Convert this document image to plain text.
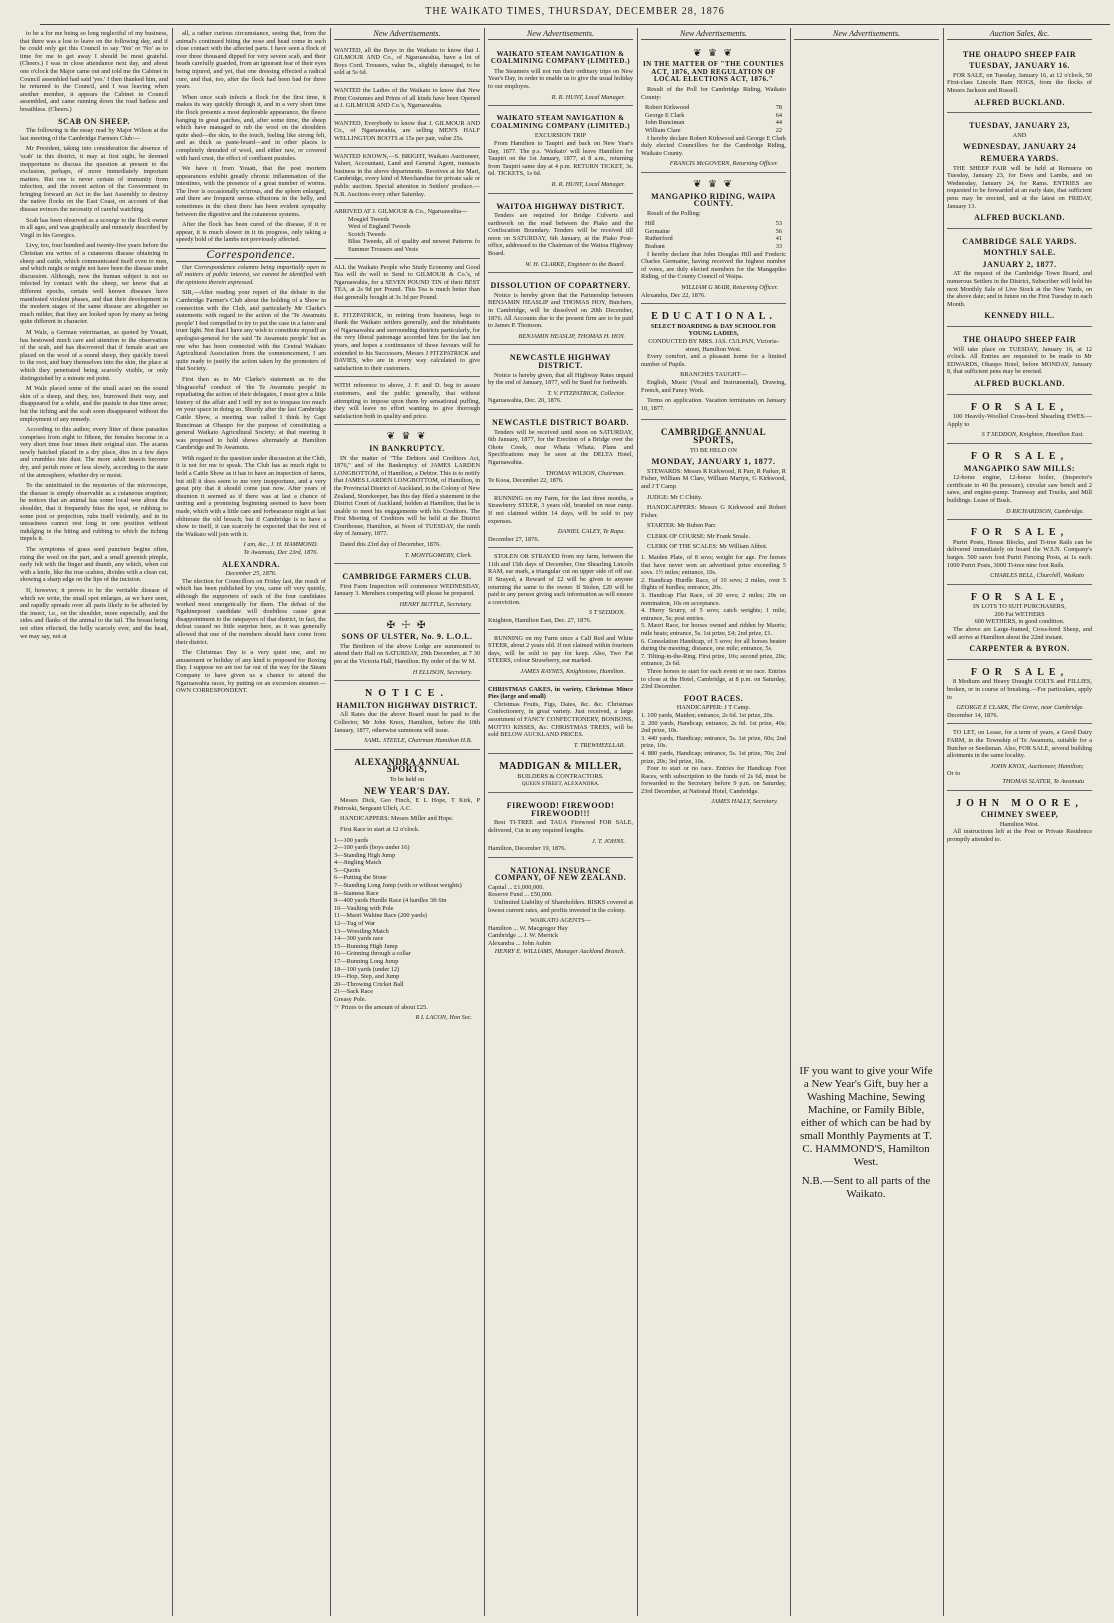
THE WAIKATO TIMES, THURSDAY, DECEMBER 28, 1876

to be a for me being so long neglectful of my business, that there was a lost to leave on the following day, and if he could only get this Council to say 'Yes' or 'No' as to time for me to get away I should be most grateful. (Cheers.) I was in close attendance next day, and about one o'clock the Major came out and told me the Cabinet in Council assembled had said 'yes.' I then thanked him, and he returned to the Council, and I was leaving when another member, it appears the Cabinet in Council assembled, and came running down the road hatless and breathless. (Cheers.)

SCAB ON SHEEP.

The following is the essay read by Major Wilson at the last meeting of the Cambridge Farmers Club:—

Mr President, taking into consideration the absence of 'scab' in this district, it may at first sight, be deemed inopportune to discuss the question at present to the exclusion, perhaps, of more immediately important matters. But one is never certain of immunity from infection, and the recent action of the Government in bringing forward an Act in the last Assembly to destroy the native flocks on the East Coast, on account of that disease evinces the necessity of careful watching.

Scab has been observed as a scourge to the flock owner in all ages, and was graphically and minutely described by Virgil in his Georgics.

Livy, too, four hundred and twenty-five years before the Christian era writes of a cutaneous disease obtaining in sheep and cattle, which communicated itself even to men, and which might or might not have been the disease under discussion. Although, now the human subject is not so infected by contact with the sheep, we know that at different epochs, certain well known diseases have manifested virulent phases, and that their development in the modern stages of the same disease are altogether so much milder, that they are looked upon by many as being quite different in character.

M Walz, a German veterinarian, as quoted by Youatt, has bestowed much care and attention to the observation of the scab, and has discovered that if female acari are placed on the wool of a sound sheep, they quickly travel to the root, and bury themselves into the skin, the place at which they penetrated being scarcely visible, or only distinguished by a minute red point.

M Walz placed some of the small acari on the sound skin of a sheep, and they, too, burrowed their way, and disappeared for a while, and the pustule in due time arose; but the itching and the scab soon disappeared without the employment of any remedy.

According to this author, every litter of these parasites comprises from eight to fifteen, the females become in a very short time four times their original size. The acarus newly hatched placed in a dry place, dies in a few days and crumbles into dust. The more adult insects become dry, and perish more or less slowly, according to the state of the atmosphere, whether dry or moist.

To the uninitiated in the mysteries of the microscope, the disease is simply observable as a cutaneous eruption; he notices that an animal has some local woe about the shoulder, that it frequently bites the spot, or rubbing to some post or projection, rubs itself violently, and in its uneasiness cannot rest long in one position without indulging in the biting and rubbing to which the itching impels it.

The symptoms of grass seed puncture begins often, rising the wool on the part, and a small greenish pimple, early felt with the finger and thumb, any which, when cut with a knife, like the true scabies, divides with a clean cut, showing a sharp edge on the lips of the incision.

If, however, it proves to be the veritable disease of which we write, the small spot enlarges, as we have seen, and rapidly spreads over all parts likely to be affected by the insect, i.e., on the shoulder, more especially, and the sides and flanks of the animal to the tail. The breast being not often effected, the belly scarcely ever, and the head, we may say, not at

all, a rather curious circumstance, seeing that, from the animal's continued biting the nose and head come in such close contact with the affected parts. I have seen a flock of over three thousand dipped for very severe scab, and their heads carefully guarded, from an ignorant fear of their eyes being injured, and yet, that one dressing effected a radical cure, and that, too, after the flock had been bad for three years.

When once scab infects a flock for the first time, it makes its way quickly through it, and in a very short time the flock presents a most deplorable appearance, the fleece hanging in great patches, and, after some time, the sheep which have managed to rub the wool on the shoulders quite shed—the skin, to the touch, feeling like strong felt, and as thick as paste-board—and in other places is completely denuded of wool, and either raw, or covered with hard crust, the effect of confluent pustules.

We have it from Youatt, that the post mortem appearances exhibit greatly chronic inflammation of the intestines, with the presence of a great number of worms. The liver is occasionally scirrous, and the spleen enlarged, and there are frequent serous effusions in the belly, and sometimes in the chest there has been evident sympathy between the digestive and the cutaneous systems.

After the flock has been cured of the disease, if it re appear, it is much slower in it its progress, only taking a speedy hold of the lambs not previously affected.

Correspondence.

Our Correspondence columns being impartially open to all matters of public interest, we cannot be identified with the opinions therein expressed.

SIR,—After reading your report of the debate in the Cambridge Farmer's Club about the holding of a Show in connection with the Club, and particularly Mr Clarke's statements with regard to the action of the 'Te Awamutu people' I feel compelled to try to put the case in a fairer and truer light. Not that I have any wish to constitute myself an apologist-general for the said 'Te Awamutu people' but as one who has been connected with the Central Waikato Agricultural Association from the commencement, I am quite ready to justify the action taken by the promoters of that Society.

First then as to Mr Clarke's statement as to the 'disgraceful' conduct of 'the Te Awamutu people' in repudiating the action of their delegates, I must give a little history of the affair and I will try not to trespass too much on your space in doing so. Shortly after the last Cambridge Cattle Show, a meeting was called I think by Capt Runciman at Ohaupo for the purpose of constituting a general Waikato Agricultural Society; at that meeting it was proposed to hold shows alternately at Hamilton Cambridge and Te Awamutu.

With regard to the question under discussion at the Club, it is not for me to speak. The Club has as much right to hold a Cattle Show as it has to have an inspection of farms, but still it does seem to me very inopportune, and a very great pity that it should come just now. After years of disunion it seemed as if there was at last a chance of uniting and a promising beginning seemed to have been made, which with a little care and forbearance might at last obliterate the old breach; but if Cambridge is to have a show to itself, it can scarcely be expected that the rest of the Waikato will join with it.

I am, &c., J. H. HAMMOND.
Te Awamutu, Dec 23rd, 1876.
ALEXANDRA.
December 25, 1876.

The election for Councillors on Friday last, the result of which has been published by you, came off very quietly, although the supporters of each of the four candidates worked most energetically for them. The defeat of the Ngahinepouri candidate will doubtless cause great disappointment to the ratepayers of that district, in fact, the defeat caused no little surprise here, as it was generally allowed that one of the members should have come from their district.

The Christmas Day is a very quiet one, and no amusement or holiday of any kind is proposed for Boxing Day. I suppose we are too far out of the way for the Steam Company to have given us a chance to attend the Ngaruawahia races, by putting on an excursion steamer.—OWN CORRESPONDENT.

New Advertisements.
WANTED, all the Boys in the Waikato to know that J. GILMOUR AND Co., of Ngaruawahia, have a lot of Boys Cord. Trousers, value 9s., slightly damaged, to be sold at 5s 6d.
WANTED the Ladies of the Waikato to know that New Print Costumes and Prints of all kinds have been Opened at J. GILMOUR AND Co.'s, Ngaruawahia.
WANTED, Everybody to know that J. GILMOUR AND Co., of Ngaruawahia, are selling MEN'S HALF WELLINGTON BOOTS at 15s per pair, value 25s.
WANTED KNOWN,—S. BRIGHT, Waikato Auctioneer, Valuer, Accountant, Land and General Agent, transacts business in the above departments. Receives at his Mart, Cambridge, every kind of Merchandise for private sale or public auction. Special attention to Settlers' produce.—N.B. Auctions every other Saturday.
ARRIVED AT J. GILMOUR & Co., Ngaruawahia—
Mosgiel Tweeds
West of England Tweeds
Scotch Tweeds
Bliss Tweeds, all of quality and newest Patterns fo Summer Trousers and Vests
ALL the Waikato People who Study Economy and Good Tea will do well to Send to GILMOUR & Co.'s, of Ngaruawahia, for a SEVEN POUND TIN of their BEST TEA, at 2s 9d per Pound. This Tea is much better than that generally bought at 3s 3d per Pound.
E. FITZPATRICK, in retiring from business, begs to thank the Waikato settlers generally, and the inhabitants of Ngaruawahia and surrounding districts particularly, for the very liberal patronage accorded him for the last ten years, and hopes a continuance of those favours will be extended to his Successors, Messrs J FITZPATRICK and DAVIES, who are in every way calculated to give satisfaction to their customers.
WITH reference to above, J. F. and D. beg to assure customers, and the public generally, that without attempting to impose upon them by sensational puffing, they will leave no effort wanting to give thorough satisfaction both in quality and price.
❦ ♛ ❦
IN BANKRUPTCY.

IN the matter of "The Debtors and Creditors Act, 1876," and of the Bankruptcy of JAMES LARDEN LONGBOTTOM, of Hamilton, a Debtor. This is to notify that JAMES LARDEN LONGBOTTOM, of Hamilton, in the Provincial District of Auckland, in the Colony of New Zealand, Storekeeper, has this day filed a statement in the District Court of Auckland, holden at Hamilton, that he is unable to meet his engagements with his Creditors. The First Meeting of Creditors will be held at the District Courthouse, Hamilton, at Noon of TUESDAY, the ninth day of January, 1877.

Dated this 23rd day of December, 1876.

T. MONTGOMERY, Clerk.
CAMBRIDGE FARMERS CLUB.

First Farm Inspection will commence WEDNESDAY, January 3. Members competing will please be prepared.

HENRY BUTTLE, Secretary.
✠ ☩ ✠
SONS OF ULSTER, No. 9. L.O.L.

The Brethren of the above Lodge are summoned to attend their Hall on SATURDAY, 29th December, at 7 30 pm at the Victoria Hall, Hamilton. By order of the W M.

H ELLISON, Secretary.
NOTICE.
HAMILTON HIGHWAY DISTRICT.

All Rates due the above Board must be paid to the Collector, Mr John Knox, Hamilton, before the 10th January, 1877, otherwise summons will issue.

SAML. STEELE, Chairman Hamilton H.B.
ALEXANDRA ANNUAL SPORTS,
To be held on
NEW YEAR'S DAY.

Messrs Dick, Geo Finch, E L Hope, T Kirk, P Pietroski, Sergeant Ulich, A.C.

HANDICAPPERS: Messrs Miller and Hope.

First Race to start at 12 o'clock.

1—100 yards
2—100 yards (boys under 16)
3—Standing High Jump
4—Jingling Match
5—Quoits
6—Putting the Stone
7—Standing Long Jump (with or without weights)
8—Siamese Race
9—400 yards Hurdle Race (4 hurdles 3ft 6in
10—Vaulting with Pole
11—Maori Wahine Race (200 yards)
12—Tug of War
13—Wrestling Match
14—300 yards race
15—Running High Jump
16—Grinning through a collar
17—Running Long Jump
18—100 yards (under 12)
19—Hop, Step, and Jump
20—Throwing Cricket Ball
21—Sack Race
Greasy Pole.

☞ Prizes to the amount of about £25.

R L LACON, Hon Sec.
New Advertisements.
WAIKATO STEAM NAVIGATION & COALMINING COMPANY (LIMITED.)

The Steamers will not run their ordinary trips on New Year's Day, in order to enable us to give the usual holiday to our employes.

R. R. HUNT, Local Manager.
WAIKATO STEAM NAVIGATION & COALMINING COMPANY (LIMITED.)
EXCURSION TRIP

From Hamilton to Taupiri and back on New Year's Day, 1877. The p.s. 'Waikato' will leave Hamilton for Taupiri on the 1st January, 1877, at 8 a.m., returning from Taupiri same day at 4 p.m. RETURN TICKET, 3s. 6d. TICKETS, 1s 6d.

R. R. HUNT, Local Manager.
WAITOA HIGHWAY DISTRICT.

Tenders are required for Bridge Culverts and earthwork on the road between the Piako and the Confiscation Boundary. Tenders will be received till noon on SATURDAY, 6th January, at the Piako Post-office, addressed to the Chairman of the Waitoa Highway Board.

W. H. CLARKE, Engineer to the Board.
DISSOLUTION OF COPARTNERY.

Notice is hereby given that the Partnership between BENJAMIN HEASLIP and THOMAS HOY, Butchers, in Cambridge, will be dissolved on 20th December, 1876. All Accounts due to the present firm are to be paid to James P. Thomson.

BENJAMIN HEASLIP, THOMAS H. HOY.
NEWCASTLE HIGHWAY DISTRICT.

Notice is hereby given, that all Highway Rates unpaid by the end of January, 1877, will be Sued for forthwith.

T. V. FITZPATRICK, Collector.
Ngaruawahia, Dec. 20, 1876.
NEWCASTLE DISTRICT BOARD.

Tenders will be received until noon on SATURDAY, 6th January, 1877, for the Erection of a Bridge over the Ohote Creek, near Whata Whata. Plans and Specifications may be seen at the DELTA Hotel, Ngaruawahia.

THOMAS WILSON, Chairman.
Te Kooa, December 22, 1876.

RUNNING on my Farm, for the last three months, a Strawberry STEER, 3 years old, branded on near rump. If not claimed within 14 days, will be sold to pay expenses.

DANIEL CALEY, Te Rapa.
December 27, 1876.

STOLEN OR STRAYED from my farm, between the 11th and 15th days of December, One Shearling Lincoln RAM, ear mark, a triangular cut on upper side of off ear. If Strayed, a Reward of £2 will be given to anyone returning the same to the owner. If Stolen, £20 will be paid to any person giving such information as will ensure a conviction.

S T SEDDON.
Knighton, Hamilton East, Dec. 27, 1876.

RUNNING on my Farm since a Calf Red and White STEER, about 2 years old. If not claimed within fourteen days, will be sold to pay for keep. Also, Two Fat STEERS, colour Strawberry, ear marked.

JAMES RAYNES, Knightstone, Hamilton.
CHRISTMAS CAKES, in variety, Christmas Mince Pies (large and small)

Christmas Fruits, Figs, Dates, &c. &c. Christmas Confectionery, in great variety. Just received, a large assortment of FANCY CONFECTIONERY, BONBONS, MOTTO KISSES, &c. CHRISTMAS TREES, will be sold BELOW AUCKLAND PRICES.

T. TREWHEELLAR.
MADDIGAN & MILLER,
BUILDERS & CONTRACTORS.
QUEEN STREET, ALEXANDRA.
FIREWOOD! FIREWOOD! FIREWOOD!!!

Best TI-TREE and TAUA Firewood FOR SALE, delivered, Cut in any required lengths.

J. T. JOHNS.
Hamilton, December 19, 1876.
NATIONAL INSURANCE COMPANY, OF NEW ZEALAND.
Capital ... £1,000,000.
Reserve Fund ... £50,000.

Unlimited Liability of Shareholders. RISKS covered at lowest current rates, and profits invested in the colony.

WAIKATO AGENTS—
Hamilton ... W. Macgregor Hay
Cambridge ... J. W. Merrick
Alexandra ... John Aubin
HENRY E. WILLIAMS, Manager Auckland Branch.
New Advertisements.
❦ ♛ ❦
IN THE MATTER OF "THE COUNTIES ACT, 1876, AND REGULATION OF LOCAL ELECTIONS ACT, 1876."

Result of the Poll for Cambridge Riding, Waikato County:

Robert Kirkwood	78
George E Clark	64
John Runciman	44
William Clare	22

I hereby declare Robert Kirkwood and George E Clark duly elected Councillors for the Cambridge Riding, Waikato County.

FRANCIS McGOVERN, Returning Officer.
❦ ♛ ❦
MANGAPIKO RIDING, WAIPA COUNTY.

Result of the Polling:

Hill	53
Germaine	56
Rutherford	41
Brabant	33

I hereby declare that John Douglas Hill and Frederic Charles Germaine, having received the highest number of votes, are duly elected members for the Mangapiko Riding, of the County Council of Waipa.

WILLIAM G MAIR, Returning Officer.
Alexandra, Dec 22, 1876.
EDUCATIONAL.
SELECT BOARDING & DAY SCHOOL FOR YOUNG LADIES,
CONDUCTED BY MRS. JAS. CULPAN, Victoria-street, Hamilton West.

Every comfort, and a pleasant home for a limited number of Pupils.

BRANCHES TAUGHT—

English, Music (Vocal and Instrumental), Drawing, French, and Fancy Work.

Terms on application. Vacation terminates on January 10, 1877.

CAMBRIDGE ANNUAL SPORTS,
TO BE HELD ON
MONDAY, JANUARY 1, 1877.

STEWARDS: Messrs R Kirkwood, R Parr, R Parker, R Fisher, William M Clare, William Martyn, G Kirkwood, and J T Camp

JUDGE: Mr C Chitty.

HANDICAPPERS: Messrs G Kirkwood and Robert Fisher.

STARTER: Mr Ruben Parr.

CLERK OF COURSE: Mr Frank Smale.

CLERK OF THE SCALES: Mr William Abbot.

1. Maiden Plate, of 8 sovs; weight for age. For horses that have never won an advertised prize exceeding 5 sovs. 1½ miles; entrance, 10s.
2. Handicap Hurdle Race, of 10 sovs; 2 miles, over 5 flights of hurdles; entrance, 20s.
3. Handicap Flat Race, of 20 sovs; 2 miles; 20s on nomination, 10s on acceptance.
4. Hurry Scurry, of 5 sovs; catch weights; 1 mile; entrance, 5s; post entries.
5. Maori Race, for horses owned and ridden by Maoris; mile heats; entrance, 5s. 1st prize, £4; 2nd prize, £1.
6. Consolation Handicap, of 5 sovs; for all horses beaten during the meeting; distance, one mile; entrance, 5s.
7. Tilting-in-the-Ring. First prize, 10s; second prize, 20s; entrance, 2s 6d.

Three horses to start for each event or no race. Entries to close at the Hotel, Cambridge, at 8 p.m. on Saturday, 23rd December.

FOOT RACES.
HANDICAPPER: J T Camp.
1. 100 yards, Maiden; entrance, 2s 6d. 1st prize, 20s.
2. 200 yards, Handicap; entrance, 2s 6d. 1st prize, 40s; 2nd prize, 10s.
3. 440 yards, Handicap; entrance, 5s. 1st prize, 60s; 2nd prize, 10s.
4. 880 yards, Handicap; entrance, 5s. 1st prize, 70s; 2nd prize, 20s; 3rd prize, 10s.

Four to start or no race. Entries for Handicap Foot Races, with subscription to the funds of 2s 6d, must be forwarded to the Secretary before 9 p.m. on Saturday, 23rd December, at National Hotel, Cambridge.

JAMES HALLY, Secretary.
New Advertisements.
IF you want to give your Wife a New Year's Gift, buy her a Washing Machine, Sewing Machine, or Family Bible, either of which can be had by small Monthly Payments at T. C. HAMMOND'S, Hamilton West.
N.B.—Sent to all parts of the Waikato.
Auction Sales, &c.
THE OHAUPO SHEEP FAIR
TUESDAY, JANUARY 16.

FOR SALE, on Tuesday, January 16, at 12 o'clock, 50 First-class Lincoln Ram HOGS, from the flocks of Messrs Jackson and Russell.

ALFRED BUCKLAND.
TUESDAY, JANUARY 23,
AND
WEDNESDAY, JANUARY 24
REMUERA YARDS.

THE SHEEP FAIR will be held at Remuera on Tuesday, January 23, for Ewes and Lambs, and on Wednesday, January 24, for Rams. ENTRIES are requested to be forwarded at an early date, that sufficient pens may be erected, and at the latest on FRIDAY, January 13.

ALFRED BUCKLAND.
CAMBRIDGE SALE YARDS.
MONTHLY SALE.
JANUARY 2, 1877.

AT the request of the Cambridge Town Board, and numerous Settlers in the District, Subscriber will hold his next Monthly Sale of Live Stock at the New Yards, on the above date; and in future on the First Tuesday in each Month.

KENNEDY HILL.
THE OHAUPO SHEEP FAIR

Will take place on TUESDAY, January 16, at 12 o'clock. All Entries are requested to be made to Mr EDWARDS, Ohaupo Hotel, before MONDAY, January 8, that sufficient pens may be erected.

ALFRED BUCKLAND.
FOR SALE,

100 Heavily-Woolled Cross-bred Shearling EWES.—Apply to

S T SEDDON, Knighton, Hamilton East.
FOR SALE,
MANGAPIKO SAW MILLS:

12-horse engine, 12-horse boiler, (Inspector's certificate to 40 lbs pressure), circular saw bench and 2 saws, and engine-pump. Tramway and Trucks, and Mill buildings. Lease of Bush.

D RICHARDSON, Cambridge.
FOR SALE,

Puriri Posts, House Blocks, and Ti-tree Rails can be delivered immediately on board the W.S.N. Company's barges. 500 sawn foot Puriri Fencing Posts, at 1s each. 1000 Puriri Posts, 3000 Ti-tree nine foot Rails.

CHARLES BELL, Churchill, Waikato
FOR SALE,
IN LOTS TO SUIT PURCHASERS,
200 Fat WETHERS
600 WETHERS, in good condition.

The above are Large-framed, Cross-bred Sheep, and will arrive at Hamilton about the 22nd instant.

CARPENTER & BYRON.
FOR SALE,

8 Medium and Heavy Draught COLTS and FILLIES, broken, or in course of breaking.—For particulars, apply to

GEORGE E CLARK, The Grove, near Cambridge.
December 14, 1876.

TO LET, on Lease, for a term of years, a Good Dairy FARM, in the Township of Te Awamutu, suitable for a Butcher or Seedsman. Also, FOR SALE, several building allotments in the same locality.

JOHN KNOX, Auctioneer, Hamilton;
Or to
THOMAS SLATER, Te Awamutu
JOHN MOORE,
CHIMNEY SWEEP,
Hamilton West.

All instructions left at the Post or Private Residence promptly attended to.
